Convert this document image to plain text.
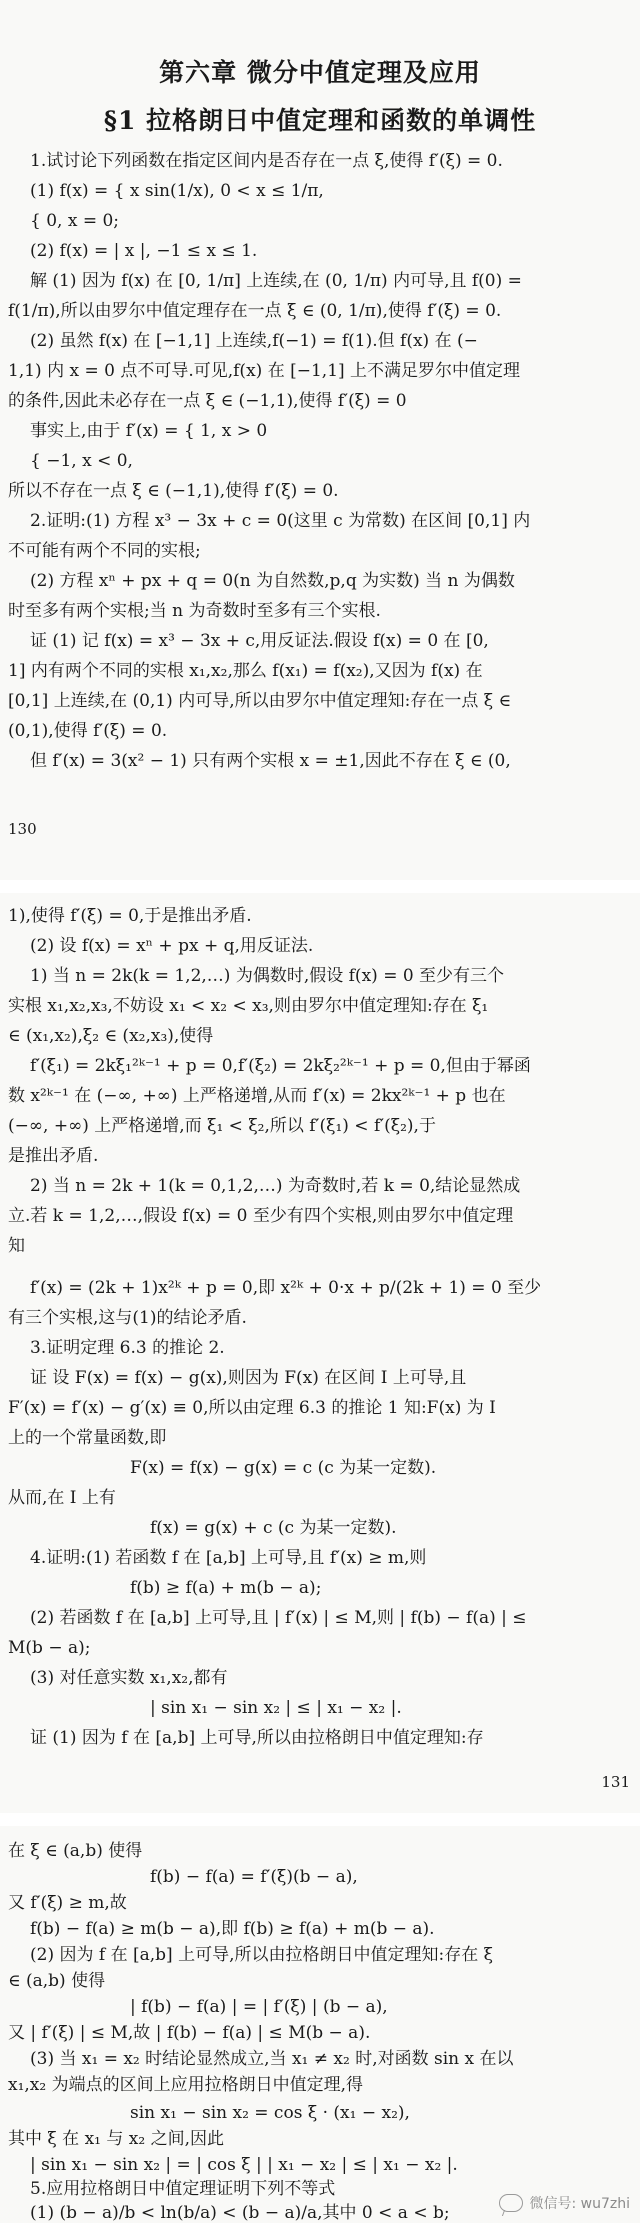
第六章 微分中值定理及应用
§1 拉格朗日中值定理和函数的单调性
1.试讨论下列函数在指定区间内是否存在一点 ξ,使得 f′(ξ) = 0.
(1) f(x) = { x sin(1/x), 0 < x ≤ 1/π,
{ 0, x = 0;
(2) f(x) = | x |, −1 ≤ x ≤ 1.
解 (1) 因为 f(x) 在 [0, 1/π] 上连续,在 (0, 1/π) 内可导,且 f(0) =
f(1/π),所以由罗尔中值定理存在一点 ξ ∈ (0, 1/π),使得 f′(ξ) = 0.
(2) 虽然 f(x) 在 [−1,1] 上连续,f(−1) = f(1).但 f(x) 在 (−
1,1) 内 x = 0 点不可导.可见,f(x) 在 [−1,1] 上不满足罗尔中值定理
的条件,因此未必存在一点 ξ ∈ (−1,1),使得 f′(ξ) = 0
事实上,由于 f′(x) = { 1, x > 0
{ −1, x < 0,
所以不存在一点 ξ ∈ (−1,1),使得 f′(ξ) = 0.
2.证明:(1) 方程 x³ − 3x + c = 0(这里 c 为常数) 在区间 [0,1] 内
不可能有两个不同的实根;
(2) 方程 xⁿ + px + q = 0(n 为自然数,p,q 为实数) 当 n 为偶数
时至多有两个实根;当 n 为奇数时至多有三个实根.
证 (1) 记 f(x) = x³ − 3x + c,用反证法.假设 f(x) = 0 在 [0,
1] 内有两个不同的实根 x₁,x₂,那么 f(x₁) = f(x₂),又因为 f(x) 在
[0,1] 上连续,在 (0,1) 内可导,所以由罗尔中值定理知:存在一点 ξ ∈
(0,1),使得 f′(ξ) = 0.
但 f′(x) = 3(x² − 1) 只有两个实根 x = ±1,因此不存在 ξ ∈ (0,
130
1),使得 f′(ξ) = 0,于是推出矛盾.
(2) 设 f(x) = xⁿ + px + q,用反证法.
1) 当 n = 2k(k = 1,2,…) 为偶数时,假设 f(x) = 0 至少有三个
实根 x₁,x₂,x₃,不妨设 x₁ < x₂ < x₃,则由罗尔中值定理知:存在 ξ₁
∈ (x₁,x₂),ξ₂ ∈ (x₂,x₃),使得
f′(ξ₁) = 2kξ₁²ᵏ⁻¹ + p = 0,f′(ξ₂) = 2kξ₂²ᵏ⁻¹ + p = 0,但由于幂函
数 x²ᵏ⁻¹ 在 (−∞, +∞) 上严格递增,从而 f′(x) = 2kx²ᵏ⁻¹ + p 也在
(−∞, +∞) 上严格递增,而 ξ₁ < ξ₂,所以 f′(ξ₁) < f′(ξ₂),于
是推出矛盾.
2) 当 n = 2k + 1(k = 0,1,2,…) 为奇数时,若 k = 0,结论显然成
立.若 k = 1,2,…,假设 f(x) = 0 至少有四个实根,则由罗尔中值定理
知
f′(x) = (2k + 1)x²ᵏ + p = 0,即 x²ᵏ + 0·x + p/(2k + 1) = 0 至少
有三个实根,这与(1)的结论矛盾.
3.证明定理 6.3 的推论 2.
证 设 F(x) = f(x) − g(x),则因为 F(x) 在区间 I 上可导,且
F′(x) = f′(x) − g′(x) ≡ 0,所以由定理 6.3 的推论 1 知:F(x) 为 I
上的一个常量函数,即
F(x) = f(x) − g(x) = c (c 为某一定数).
从而,在 I 上有
f(x) = g(x) + c (c 为某一定数).
4.证明:(1) 若函数 f 在 [a,b] 上可导,且 f′(x) ≥ m,则
f(b) ≥ f(a) + m(b − a);
(2) 若函数 f 在 [a,b] 上可导,且 | f′(x) | ≤ M,则 | f(b) − f(a) | ≤
M(b − a);
(3) 对任意实数 x₁,x₂,都有
| sin x₁ − sin x₂ | ≤ | x₁ − x₂ |.
证 (1) 因为 f 在 [a,b] 上可导,所以由拉格朗日中值定理知:存
131
在 ξ ∈ (a,b) 使得
f(b) − f(a) = f′(ξ)(b − a),
又 f′(ξ) ≥ m,故
f(b) − f(a) ≥ m(b − a),即 f(b) ≥ f(a) + m(b − a).
(2) 因为 f 在 [a,b] 上可导,所以由拉格朗日中值定理知:存在 ξ
∈ (a,b) 使得
| f(b) − f(a) | = | f′(ξ) | (b − a),
又 | f′(ξ) | ≤ M,故 | f(b) − f(a) | ≤ M(b − a).
(3) 当 x₁ = x₂ 时结论显然成立,当 x₁ ≠ x₂ 时,对函数 sin x 在以
x₁,x₂ 为端点的区间上应用拉格朗日中值定理,得
sin x₁ − sin x₂ = cos ξ · (x₁ − x₂),
其中 ξ 在 x₁ 与 x₂ 之间,因此
| sin x₁ − sin x₂ | = | cos ξ | | x₁ − x₂ | ≤ | x₁ − x₂ |.
5.应用拉格朗日中值定理证明下列不等式
(1) (b − a)/b < ln(b/a) < (b − a)/a,其中 0 < a < b;	微信号: wu7zhi
